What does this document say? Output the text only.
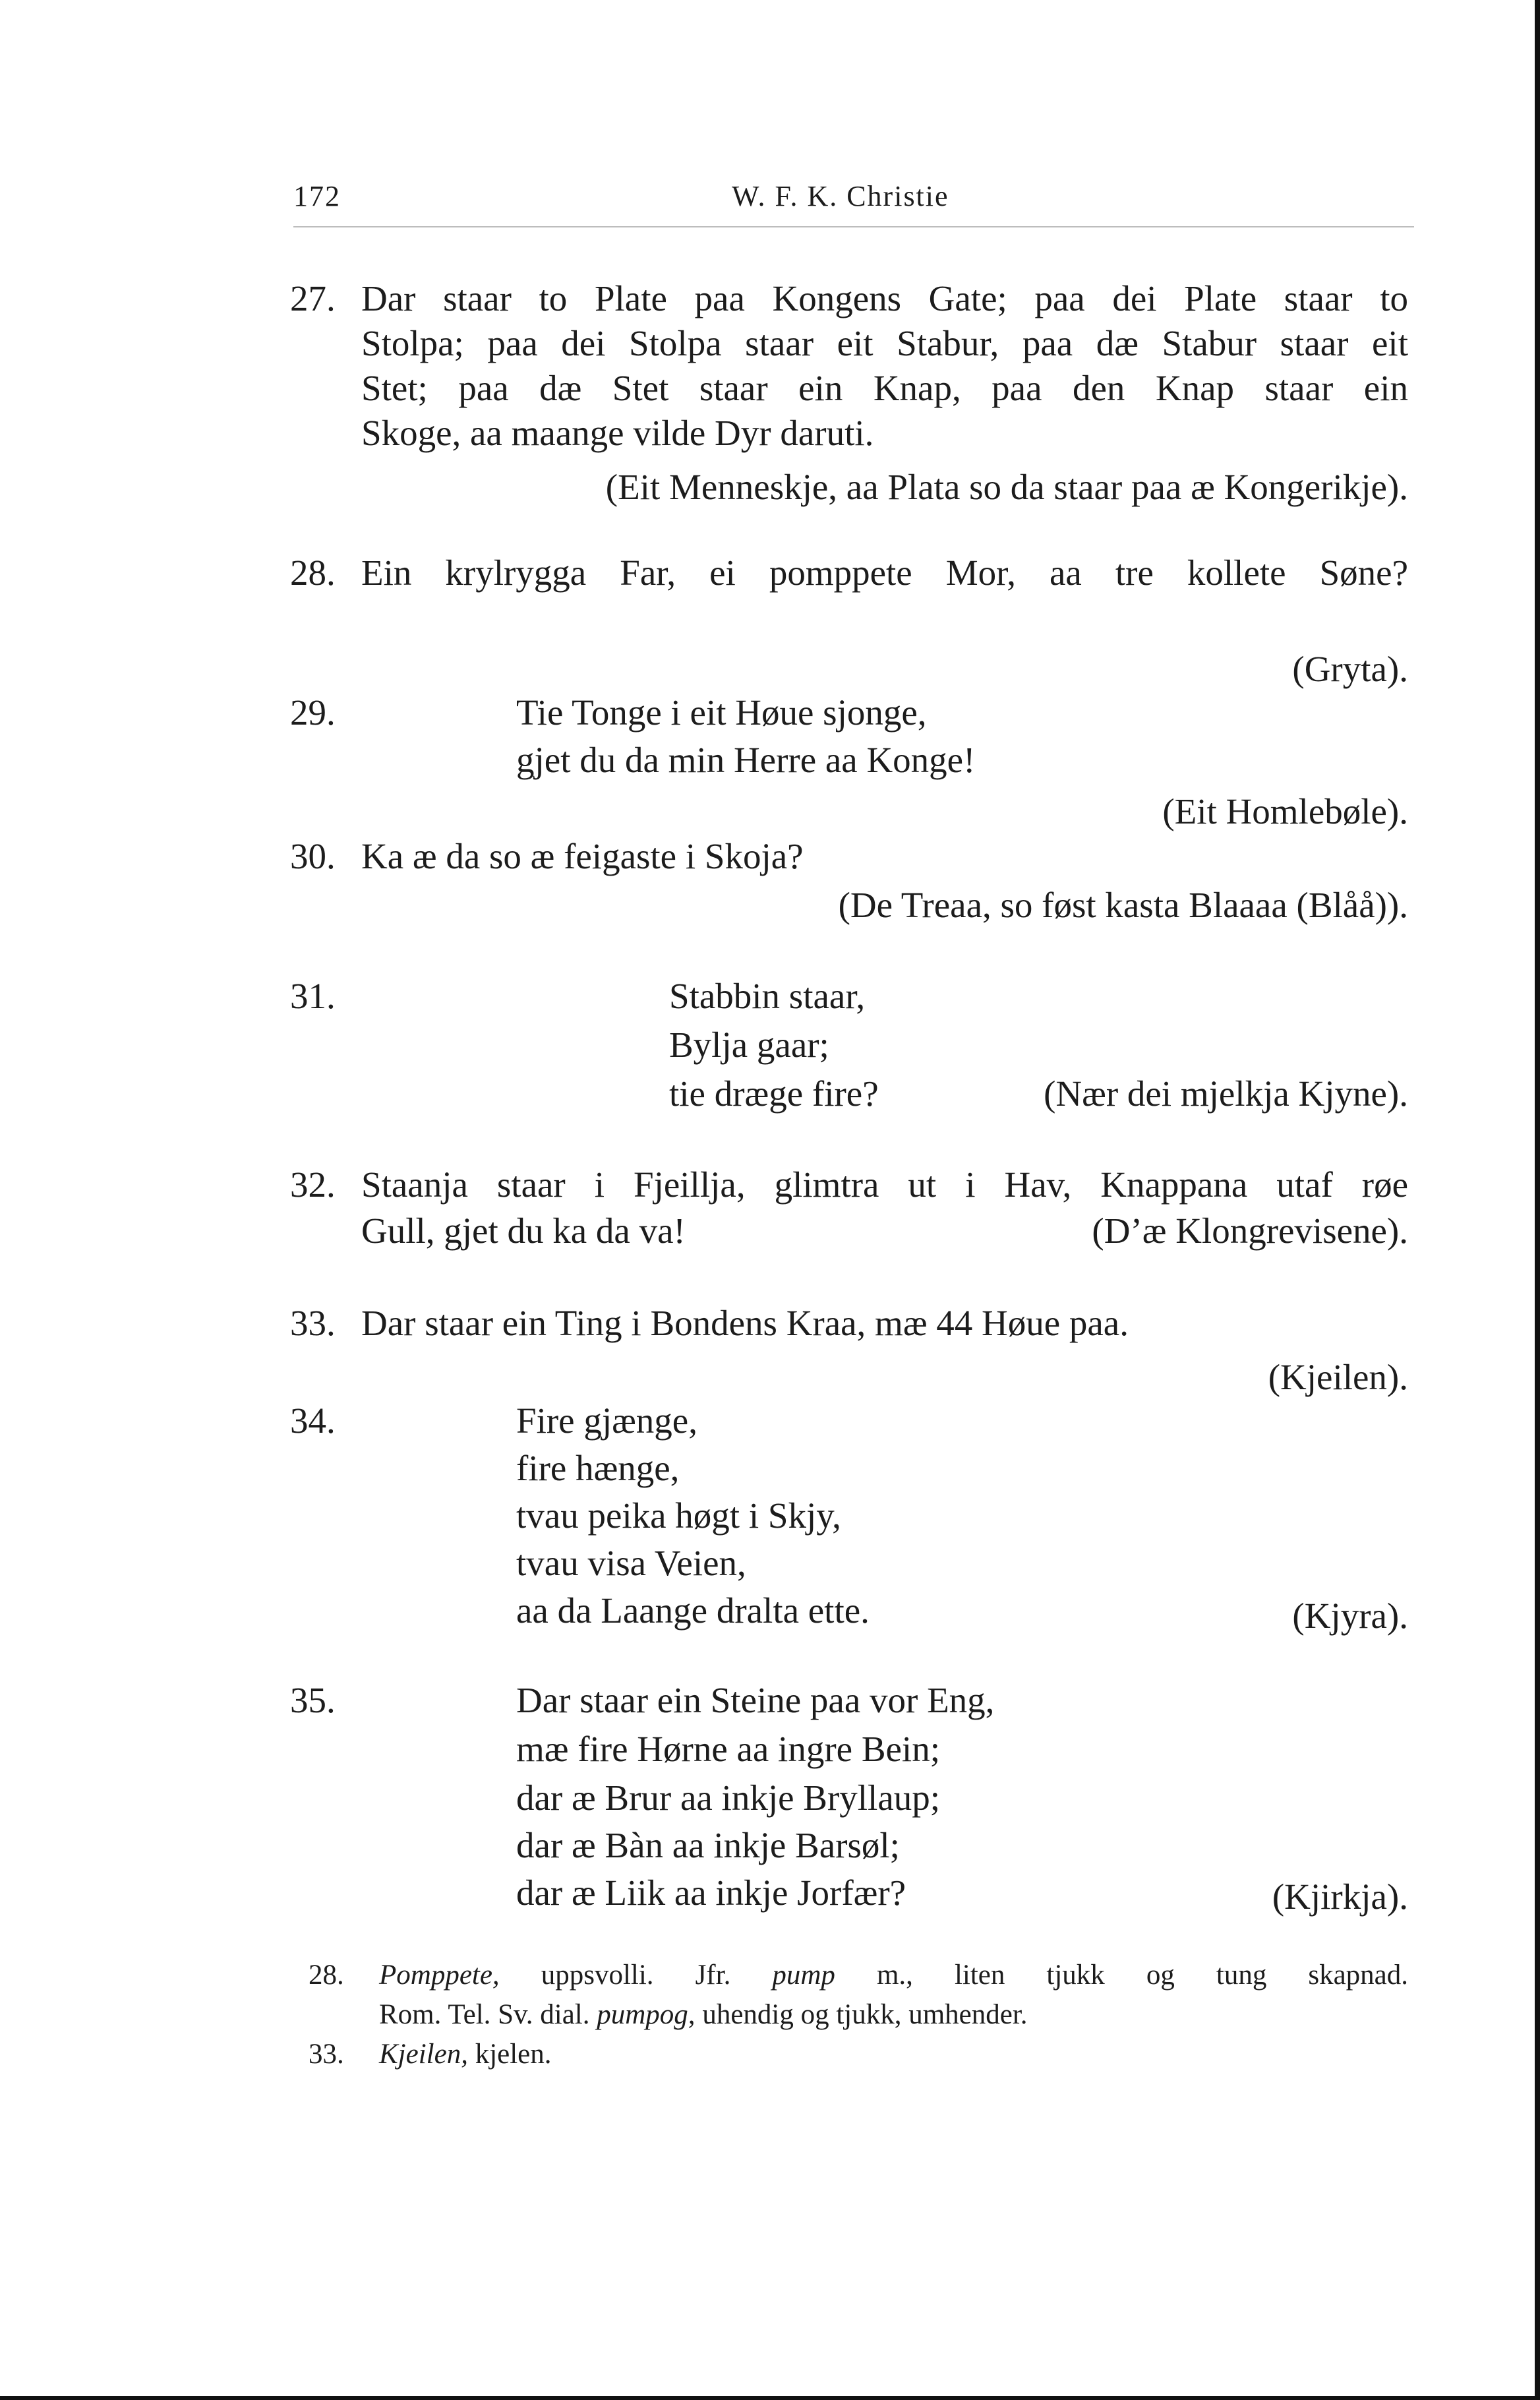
172	W. F. K. Christie
27. Dar staar to Plate paa Kongens Gate; paa dei Plate staar to
Stolpa; paa dei Stolpa staar eit Stabur, paa dæ Stabur staar eit
Stet; paa dæ Stet staar ein Knap, paa den Knap staar ein
Skoge, aa maange vilde Dyr daruti.
(Eit Menneskje, aa Plata so da staar paa æ Kongerikje).
28. Ein krylrygga Far, ei pomppete Mor, aa tre kollete Søne?
(Gryta).
29.	Tie Tonge i eit Høue sjonge,
gjet du da min Herre aa Konge!
(Eit Homlebøle).
30. Ka æ da so æ feigaste i Skoja?
(De Treaa, so føst kasta Blaaaa (Blåå)).
31.	Stabbin staar,
Bylja gaar;
tie dræge fire?	(Nær dei mjelkja Kjyne).
32. Staanja staar i Fjeillja, glimtra ut i Hav, Knappana utaf røe
Gull, gjet du ka da va!	(D’æ Klongrevisene).
33. Dar staar ein Ting i Bondens Kraa, mæ 44 Høue paa.
(Kjeilen).
34.	Fire gjænge,
fire hænge,
tvau peika høgt i Skjy,
tvau visa Veien,
aa da Laange dralta ette.	(Kjyra).
35.	Dar staar ein Steine paa vor Eng,
mæ fire Hørne aa ingre Bein;
dar æ Brur aa inkje Bryllaup;
dar æ Bàn aa inkje Barsøl;
dar æ Liik aa inkje Jorfær?	(Kjirkja).
28. Pomppete, uppsvolli. Jfr. pump m., liten tjukk og tung skapnad.
Rom. Tel. Sv. dial. pumpog, uhendig og tjukk, umhender.
33. Kjeilen, kjelen.
